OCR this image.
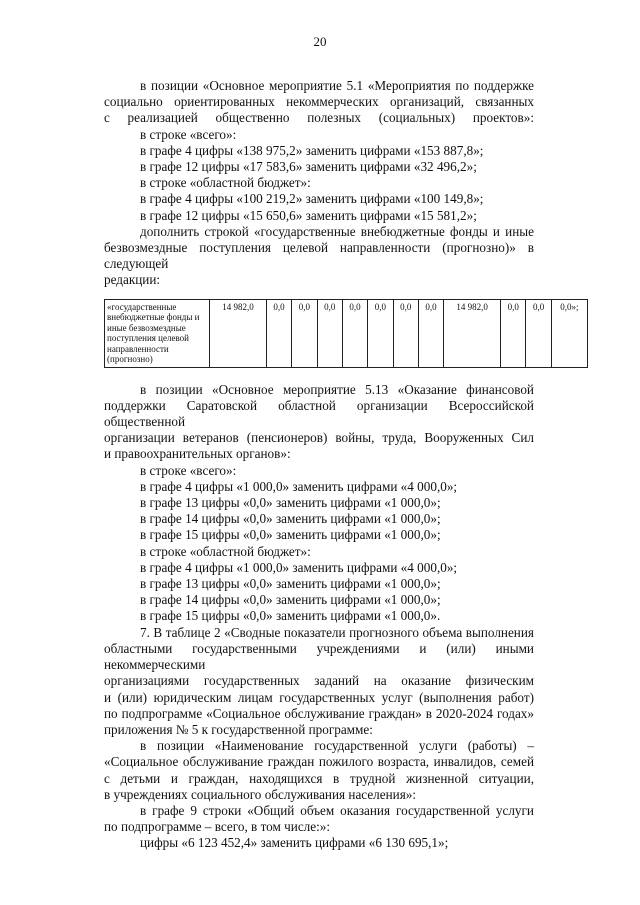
20

в позиции «Основное мероприятие 5.1 «Мероприятия по поддержке

социально ориентированных некоммерческих организаций, связанных

с реализацией общественно полезных (социальных) проектов»:

в строке «всего»:

в графе 4 цифры «138 975,2» заменить цифрами «153 887,8»;

в графе 12 цифры «17 583,6» заменить цифрами «32 496,2»;

в строке «областной бюджет»:

в графе 4 цифры «100 219,2» заменить цифрами «100 149,8»;

в графе 12 цифры «15 650,6» заменить цифрами «15 581,2»;

дополнить строкой «государственные внебюджетные фонды и иные

безвозмездные поступления целевой направленности (прогнозно)» в следующей

редакции:

«государственные внебюджетные фонды и иные безвозмездные поступления целевой направленности (прогнозно)	14 982,0	0,0	0,0	0,0	0,0	0,0	0,0	0,0	14 982,0	0,0	0,0	0,0»;

в позиции «Основное мероприятие 5.13 «Оказание финансовой

поддержки Саратовской областной организации Всероссийской общественной

организации ветеранов (пенсионеров) войны, труда, Вооруженных Сил

и правоохранительных органов»:

в строке «всего»:

в графе 4 цифры «1 000,0» заменить цифрами «4 000,0»;

в графе 13 цифры «0,0» заменить цифрами «1 000,0»;

в графе 14 цифры «0,0» заменить цифрами «1 000,0»;

в графе 15 цифры «0,0» заменить цифрами «1 000,0»;

в строке «областной бюджет»:

в графе 4 цифры «1 000,0» заменить цифрами «4 000,0»;

в графе 13 цифры «0,0» заменить цифрами «1 000,0»;

в графе 14 цифры «0,0» заменить цифрами «1 000,0»;

в графе 15 цифры «0,0» заменить цифрами «1 000,0».

7. В таблице 2 «Сводные показатели прогнозного объема выполнения

областными государственными учреждениями и (или) иными некоммерческими

организациями государственных заданий на оказание физическим

и (или) юридическим лицам государственных услуг (выполнения работ)

по подпрограмме «Социальное обслуживание граждан» в 2020-2024 годах»

приложения № 5 к государственной программе:

в позиции «Наименование государственной услуги (работы) –

«Социальное обслуживание граждан пожилого возраста, инвалидов, семей

с детьми и граждан, находящихся в трудной жизненной ситуации,

в учреждениях социального обслуживания населения»:

в графе 9 строки «Общий объем оказания государственной услуги

по подпрограмме – всего, в том числе:»:

цифры «6 123 452,4» заменить цифрами «6 130 695,1»;
